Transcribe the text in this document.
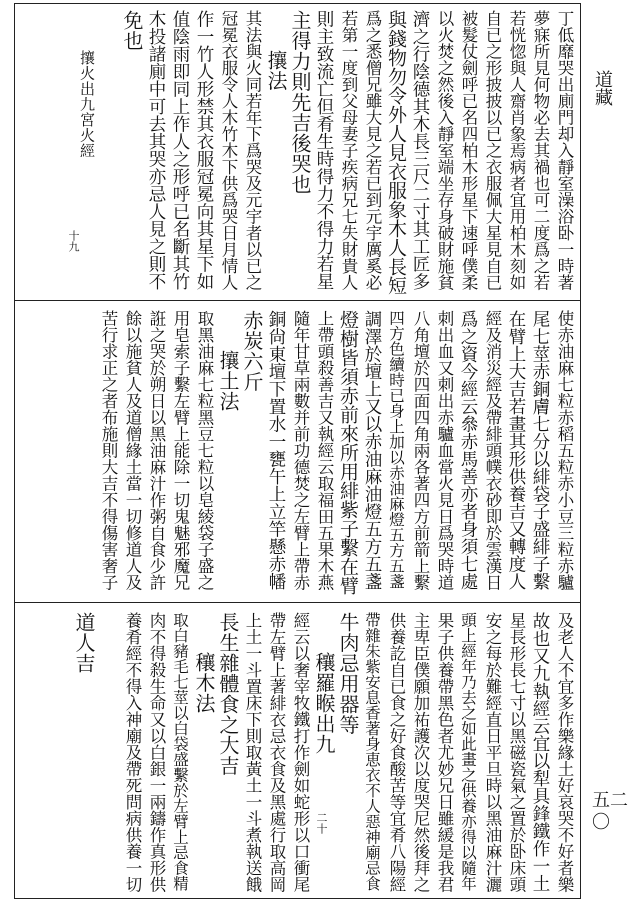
道藏
五二〇
丁低靡哭出廁門却入靜室澡浴卧一時著
夢寐所見何物必去其禍也可二度爲之若
若恍惚與人齋肖象焉病者宜用柏木刻如
自已之形披披以已之衣服佩大星見自已
被髮仗劍呼已名四柏木形星下速呼僕柔
以火焚之然後入靜室端坐存身破財施貧
濟之行陰德其木長三尺二寸其工匠多
與錢物勿令外人見衣服象木人長短
爲之悉僧兄雖大見之若已到元宇厲奚必
若第一度到父母妻子疾病兄七失財貴人
則主致流亡但肴生時得力不得力若星
主得力則先吉後哭也
攘法
其法與火同若年下爲哭及元宇者以已之
冠冕衣服令人木竹木下供爲哭日月情人
作一竹人形禁其衣服冠冕向其星下如
值陰雨即同上作人之形呼已名斷其竹
木投諸廁中可去其哭亦忌人見之則不
免也
攘火出九宮火經
十九
使赤油麻七粒赤稻五粒赤小豆三粒赤驢
尾七莖赤銅膚七分以緋袋子盛緋子繫
在臂上大吉若畫其形供養吉又轉度人
經及消災經及帶緋頭幞衣砂即於雲漢日
爲之資今經云叅赤馬善亦者身須七處
刺出血又刺出赤驢血當火見日爲哭時道
八角壇於四面四角兩各著四方前箭上繫
四方色續時已身上加以赤油麻燈五方五盞
調澤於壇上又以赤油麻油燈五方五盞
燈樹皆須赤前來所用緋紫子繫在臂
上帶頭殺善吉又執經云取福田五果木燕
隨年甘草兩數并前功德焚之左臂上帶赤
銅尙東壇下置水一甕午上立竿懸赤幡
赤炭六斤
攘土法
取黑油麻七粒黑豆七粒以皂綾袋子盛之
用皂索子繫左臂上能除一切鬼魅邪魔兄
誑之哭於朔日以黑油麻汁作粥自食少許
餘以施貧人及道僧緣土當一切修道人及
苦行求正之者布施則大吉不得傷害奢子
及老人不宜多作樂緣土好哀哭不好者樂
故也又九執經云宜以犁具鋒鐵作一土
星長形長七寸以黑磁瓷氣之置於卧床頭
安之每於難經直日平旦時以黑油麻汁灑
頭上經年乃去之如此畫之供養亦得以隨年
果子供養帶黑色者尤妙兄日雖緩是我君
主卑臣僕願加祐護次以度哭尼然後拜之
供養訖自已食之好食酸苦等宜肴八陽經
帶雜朱紫安息香著身恵衣不人惡神廟忌食
牛肉忌用器等
穰羅睺出九
經云以奢宰牧鐵打作劍如蛇形以口衝尾
帶左臂上著緋衣忌衣食及黑處行取高岡
上土一斗置床下則取黃土一斗煮執送餓
長生雜體食之大吉
穰木法
取白豬毛七莖以白袋盛繫於左臂上忌食精
肉不得殺生命又以白銀一兩鑄作真形供
養肴經不得入神廟及帶死問病供養一切
道人吉
二十
